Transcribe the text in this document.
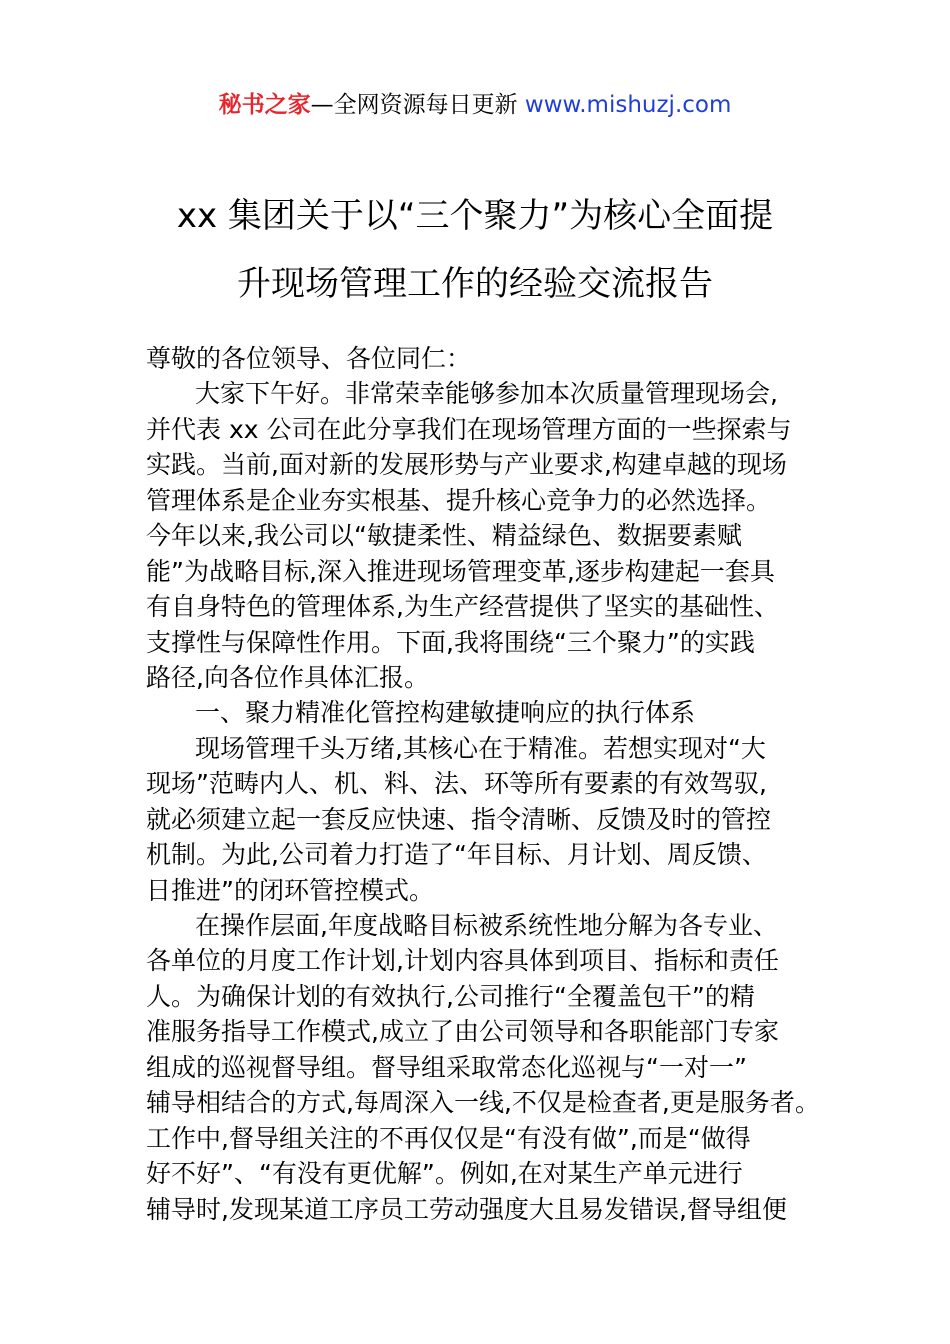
秘书之家—全网资源每日更新 www.mishuzj.com
xx 集团关于以“三个聚力”为核心全面提
升现场管理工作的经验交流报告
尊敬的各位领导、各位同仁：
大家下午好。非常荣幸能够参加本次质量管理现场会,
并代表 xx 公司在此分享我们在现场管理方面的一些探索与
实践。当前,面对新的发展形势与产业要求,构建卓越的现场
管理体系是企业夯实根基、提升核心竞争力的必然选择。
今年以来,我公司以“敏捷柔性、精益绿色、数据要素赋
能”为战略目标,深入推进现场管理变革,逐步构建起一套具
有自身特色的管理体系,为生产经营提供了坚实的基础性、
支撑性与保障性作用。下面,我将围绕“三个聚力”的实践
路径,向各位作具体汇报。
一、聚力精准化管控构建敏捷响应的执行体系
现场管理千头万绪,其核心在于精准。若想实现对“大
现场”范畴内人、机、料、法、环等所有要素的有效驾驭,
就必须建立起一套反应快速、指令清晰、反馈及时的管控
机制。为此,公司着力打造了“年目标、月计划、周反馈、
日推进”的闭环管控模式。
在操作层面,年度战略目标被系统性地分解为各专业、
各单位的月度工作计划,计划内容具体到项目、指标和责任
人。为确保计划的有效执行,公司推行“全覆盖包干”的精
准服务指导工作模式,成立了由公司领导和各职能部门专家
组成的巡视督导组。督导组采取常态化巡视与“一对一”
辅导相结合的方式,每周深入一线,不仅是检查者,更是服务者。
工作中,督导组关注的不再仅仅是“有没有做”,而是“做得
好不好”、“有没有更优解”。例如,在对某生产单元进行
辅导时,发现某道工序员工劳动强度大且易发错误,督导组便
